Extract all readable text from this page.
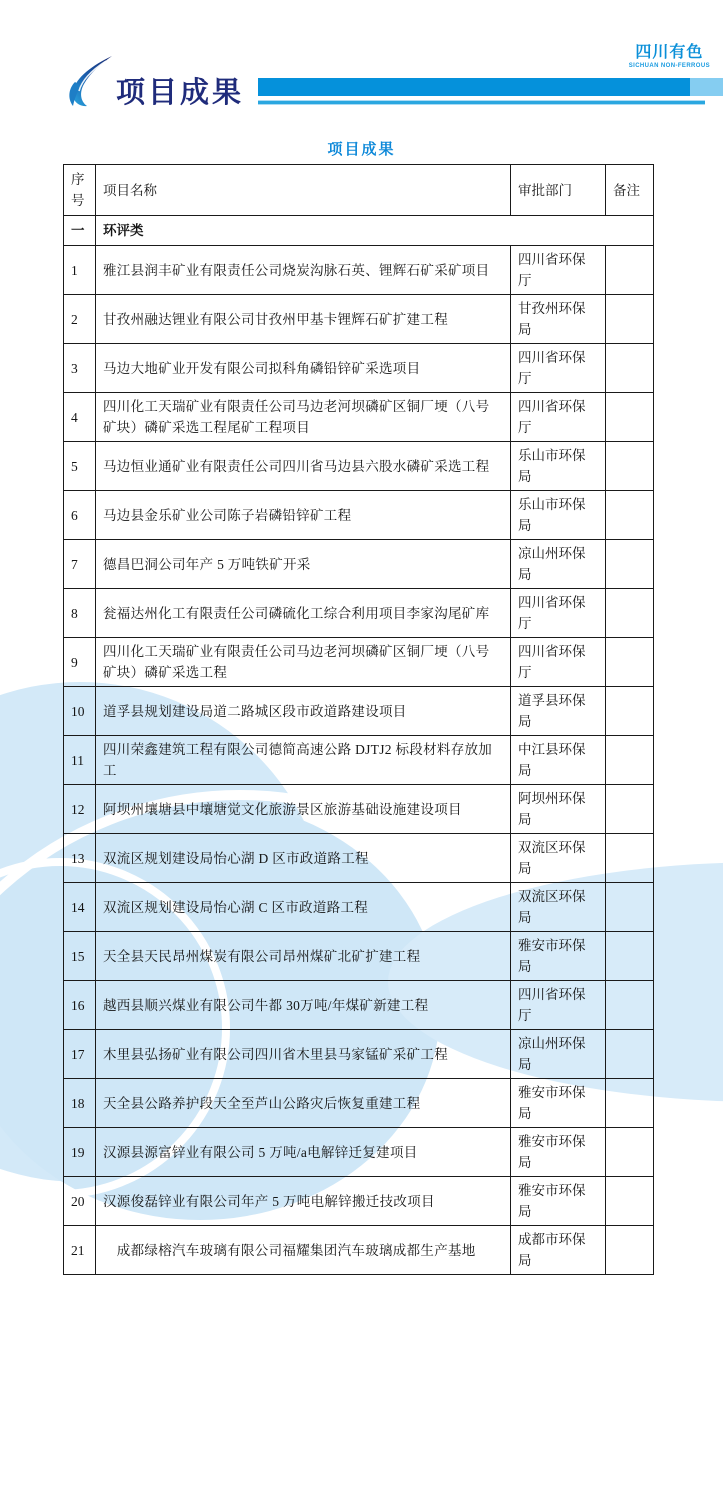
项目成果
四川有色
SICHUAN NON-FERROUS
项目成果
序号	项目名称	审批部门	备注
一	环评类		
1	雅江县润丰矿业有限责任公司烧炭沟脉石英、锂辉石矿采矿项目	四川省环保厅	
2	甘孜州融达锂业有限公司甘孜州甲基卡锂辉石矿扩建工程	甘孜州环保局	
3	马边大地矿业开发有限公司拟科角磷铅锌矿采选项目	四川省环保厅	
4	四川化工天瑞矿业有限责任公司马边老河坝磷矿区铜厂埂（八号矿块）磷矿采选工程尾矿工程项目	四川省环保厅	
5	马边恒业通矿业有限责任公司四川省马边县六股水磷矿采选工程	乐山市环保局	
6	马边县金乐矿业公司陈子岩磷铅锌矿工程	乐山市环保局	
7	德昌巴洞公司年产 5 万吨铁矿开采	凉山州环保局	
8	瓮福达州化工有限责任公司磷硫化工综合利用项目李家沟尾矿库	四川省环保厅	
9	四川化工天瑞矿业有限责任公司马边老河坝磷矿区铜厂埂（八号矿块）磷矿采选工程	四川省环保厅	
10	道孚县规划建设局道二路城区段市政道路建设项目	道孚县环保局	
11	四川荣鑫建筑工程有限公司德简高速公路 DJTJ2 标段材料存放加工	中江县环保局	
12	阿坝州壤塘县中壤塘觉文化旅游景区旅游基础设施建设项目	阿坝州环保局	
13	双流区规划建设局怡心湖 D 区市政道路工程	双流区环保局	
14	双流区规划建设局怡心湖 C 区市政道路工程	双流区环保局	
15	天全县天民昂州煤炭有限公司昂州煤矿北矿扩建工程	雅安市环保局	
16	越西县顺兴煤业有限公司牛都 30万吨/年煤矿新建工程	四川省环保厅	
17	木里县弘扬矿业有限公司四川省木里县马家锰矿采矿工程	凉山州环保局	
18	天全县公路养护段天全至芦山公路灾后恢复重建工程	雅安市环保局	
19	汉源县源富锌业有限公司 5 万吨/a电解锌迁复建项目	雅安市环保局	
20	汉源俊磊锌业有限公司年产 5 万吨电解锌搬迁技改项目	雅安市环保局	
21	　成都绿榕汽车玻璃有限公司福耀集团汽车玻璃成都生产基地	成都市环保局	
